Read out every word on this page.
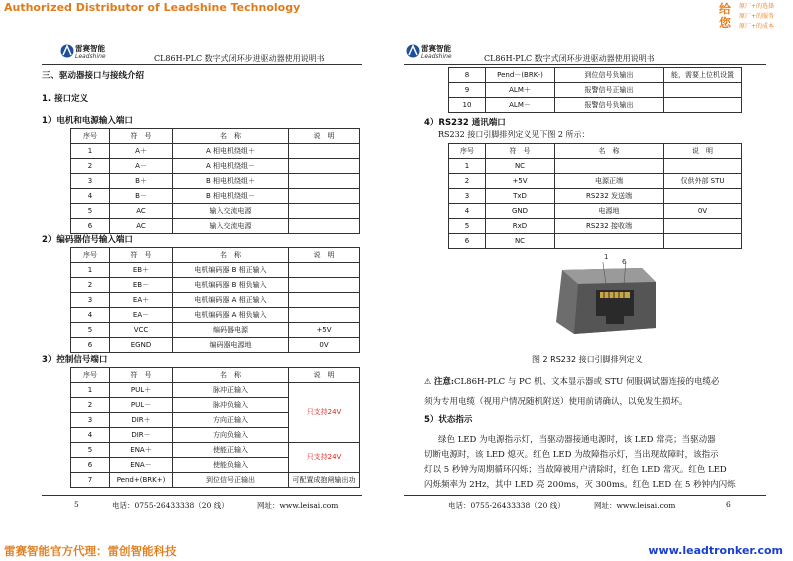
Authorized Distributor of Leadshine Technology	给
您
原厂+的选择
原厂+的服务
原厂+的成本
雷赛智能
Leadshine	CL86H-PLC 数字式闭环步进驱动器使用说明书
三、驱动器接口与接线介绍
1. 接口定义
1）电机和电源输入端口
序号	符　号	名　称	说　明
1	A＋	A 相电机绕组＋	
2	A－	A 相电机绕组－	
3	B＋	B 相电机绕组＋	
4	B－	B 相电机绕组－	
5	AC	输入交流电源	
6	AC	输入交流电源	
2）编码器信号输入端口
序号	符　号	名　称	说　明
1	EB＋	电机编码器 B 相正输入	
2	EB－	电机编码器 B 相负输入	
3	EA＋	电机编码器 A 相正输入	
4	EA－	电机编码器 A 相负输入	
5	VCC	编码器电源	+5V
6	EGND	编码器电源地	0V
3）控制信号端口
序号	符　号	名　称	说　明
1	PUL＋	脉冲正输入	只支持24V
2	PUL－	脉冲负输入	
3	DIR＋	方向正输入	
4	DIR－	方向负输入	
5	ENA＋	使能正输入	只支持24V
6	ENA－	使能负输入	
7	Pend+(BRK+)	到位信号正输出	可配置成抱闸输出功
5	电话：0755-26433338（20 线）	网址：www.leisai.com
雷赛智能
Leadshine	CL86H-PLC 数字式闭环步进驱动器使用说明书
8	Pend－(BRK-)	到位信号负输出	能，需要上位机设置
9	ALM＋	报警信号正输出	
10	ALM－	报警信号负输出	
4）RS232 通讯端口
RS232 接口引脚排列定义见下图 2 所示：
序号	符　号	名　称	说　明
1	NC		
2	+5V	电源正端	仅供外部 STU
3	TxD	RS232 发送端	
4	GND	电源地	0V
5	RxD	RS232 接收端	
6	NC		
1
6
图 2 RS232 接口引脚排列定义
⚠ 注意:CL86H-PLC 与 PC 机、文本显示器或 STU 伺服调试器连接的电缆必
须为专用电缆（视用户情况随机附送）使用前请确认，以免发生损坏。
5）状态指示
绿色 LED 为电源指示灯，当驱动器接通电源时，该 LED 常亮；当驱动器
切断电源时，该 LED 熄灭。红色 LED 为故障指示灯，当出现故障时，该指示
灯以 5 秒钟为周期循环闪烁；当故障被用户清除时，红色 LED 常灭。红色 LED
闪烁频率为 2Hz，其中 LED 亮 200ms，灭 300ms。红色 LED 在 5 秒钟内闪烁
电话：0755-26433338（20 线）	网址：www.leisai.com	6
雷赛智能官方代理：雷创智能科技	www.leadtronker.com
